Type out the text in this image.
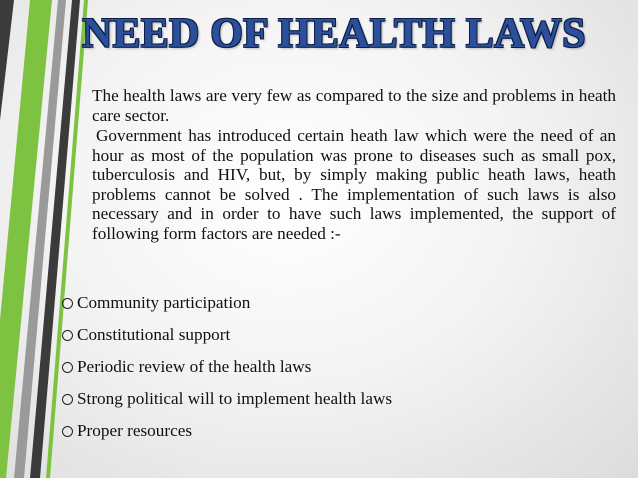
NEED OF HEALTH LAWS

The health laws are very few as compared to the size and problems in heath care sector.

Government has introduced certain heath law which were the need of an hour as most of the population was prone to diseases such as small pox, tuberculosis and HIV, but, by simply making public heath laws, heath problems cannot be solved . The implementation of such laws is also necessary and in order to have such laws implemented, the support of following form factors are needed :-

Community participation
Constitutional support
Periodic review of the health laws
Strong political will to implement health laws
Proper resources
